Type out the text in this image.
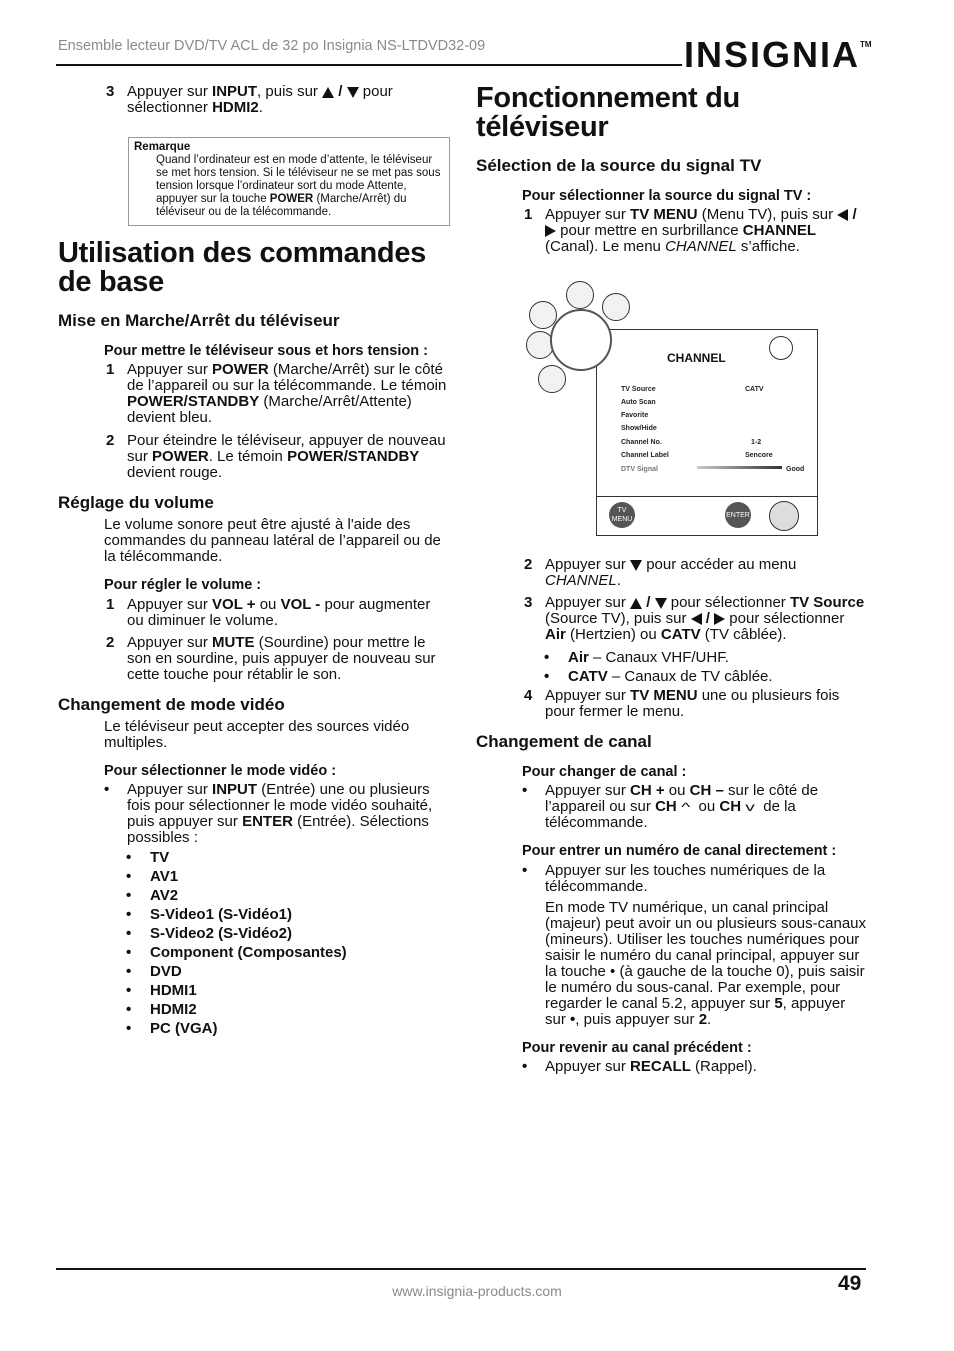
Ensemble lecteur DVD/TV ACL de 32 po Insignia NS-LTDVD32-09	INSIGNIA™
3 Appuyer sur INPUT, puis sur  /  pour sélectionner HDMI2.
Remarque
Quand l’ordinateur est en mode d’attente, le téléviseur se met hors tension. Si le téléviseur ne se met pas sous tension lorsque l’ordinateur sort du mode Attente, appuyer sur la touche POWER (Marche/Arrêt) du téléviseur ou de la télécommande.
Utilisation des commandes de base
Mise en Marche/Arrêt du téléviseur
Pour mettre le téléviseur sous et hors tension :
1 Appuyer sur POWER (Marche/Arrêt) sur le côté de l’appareil ou sur la télécommande. Le témoin POWER/STANDBY (Marche/Arrêt/Attente) devient bleu.
2 Pour éteindre le téléviseur, appuyer de nouveau sur POWER. Le témoin POWER/STANDBY devient rouge.
Réglage du volume

Le volume sonore peut être ajusté à l'aide des commandes du panneau latéral de l’appareil ou de la télécommande.

Pour régler le volume :
1 Appuyer sur VOL + ou VOL - pour augmenter ou diminuer le volume.
2 Appuyer sur MUTE (Sourdine) pour mettre le son en sourdine, puis appuyer de nouveau sur cette touche pour rétablir le son.
Changement de mode vidéo

Le téléviseur peut accepter des sources vidéo multiples.

Pour sélectionner le mode vidéo :
• Appuyer sur INPUT (Entrée) une ou plusieurs fois pour sélectionner le mode vidéo souhaité, puis appuyer sur ENTER (Entrée). Sélections possibles :
• TV
• AV1
• AV2
• S-Video1 (S-Vidéo1)
• S-Video2 (S-Vidéo2)
• Component (Composantes)
• DVD
• HDMI1
• HDMI2
• PC (VGA)
Fonctionnement du téléviseur
Sélection de la source du signal TV
Pour sélectionner la source du signal TV :
1 Appuyer sur TV MENU (Menu TV), puis sur  /  pour mettre en surbrillance CHANNEL (Canal). Le menu CHANNEL s’affiche.
CHANNEL
TV Source	CATV
Auto Scan
Favorite
Show/Hide
Channel No.	1-2
Channel Label	Sencore
DTV Signal	Good
TV MENU
ENTER
2 Appuyer sur  pour accéder au menu CHANNEL.
3 Appuyer sur  /  pour sélectionner TV Source (Source TV), puis sur  /  pour sélectionner Air (Hertzien) ou CATV (TV câblée).
• Air – Canaux VHF/UHF.
• CATV – Canaux de TV câblée.
4 Appuyer sur TV MENU une ou plusieurs fois pour fermer le menu.
Changement de canal
Pour changer de canal :
• Appuyer sur CH + ou CH – sur le côté de l’appareil ou sur CH ^ ou CH v de la télécommande.
Pour entrer un numéro de canal directement :
• Appuyer sur les touches numériques de la télécommande.

En mode TV numérique, un canal principal (majeur) peut avoir un ou plusieurs sous-canaux (mineurs). Utiliser les touches numériques pour saisir le numéro du canal principal, appuyer sur la touche • (à gauche de la touche 0), puis saisir le numéro du sous-canal. Par exemple, pour regarder le canal 5.2, appuyer sur 5, appuyer sur •, puis appuyer sur 2.

Pour revenir au canal précédent :
• Appuyer sur RECALL (Rappel).
www.insignia-products.com	49
